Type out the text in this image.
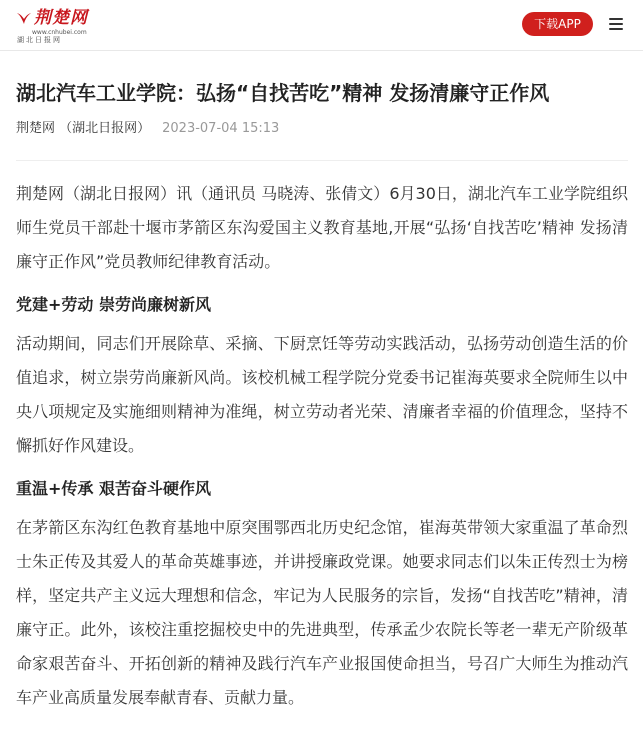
荆楚网
www.cnhubei.com
湖北日报网
下载APP
湖北汽车工业学院：弘扬“自找苦吃”精神 发扬清廉守正作风
荆楚网 （湖北日报网） 2023-07-04 15:13

荆楚网（湖北日报网）讯（通讯员 马晓涛、张倩文）6月30日，湖北汽车工业学院组织师生党员干部赴十堰市茅箭区东沟爱国主义教育基地,开展“弘扬‘自找苦吃’精神 发扬清廉守正作风”党员教师纪律教育活动。

党建+劳动 崇劳尚廉树新风

活动期间，同志们开展除草、采摘、下厨烹饪等劳动实践活动，弘扬劳动创造生活的价值追求，树立崇劳尚廉新风尚。该校机械工程学院分党委书记崔海英要求全院师生以中央八项规定及实施细则精神为准绳，树立劳动者光荣、清廉者幸福的价值理念，坚持不懈抓好作风建设。

重温+传承 艰苦奋斗硬作风

在茅箭区东沟红色教育基地中原突围鄂西北历史纪念馆，崔海英带领大家重温了革命烈士朱正传及其爱人的革命英雄事迹，并讲授廉政党课。她要求同志们以朱正传烈士为榜样，坚定共产主义远大理想和信念，牢记为人民服务的宗旨，发扬“自找苦吃”精神，清廉守正。此外，该校注重挖掘校史中的先进典型，传承孟少农院长等老一辈无产阶级革命家艰苦奋斗、开拓创新的精神及践行汽车产业报国使命担当，号召广大师生为推动汽车产业高质量发展奉献青春、贡献力量。
